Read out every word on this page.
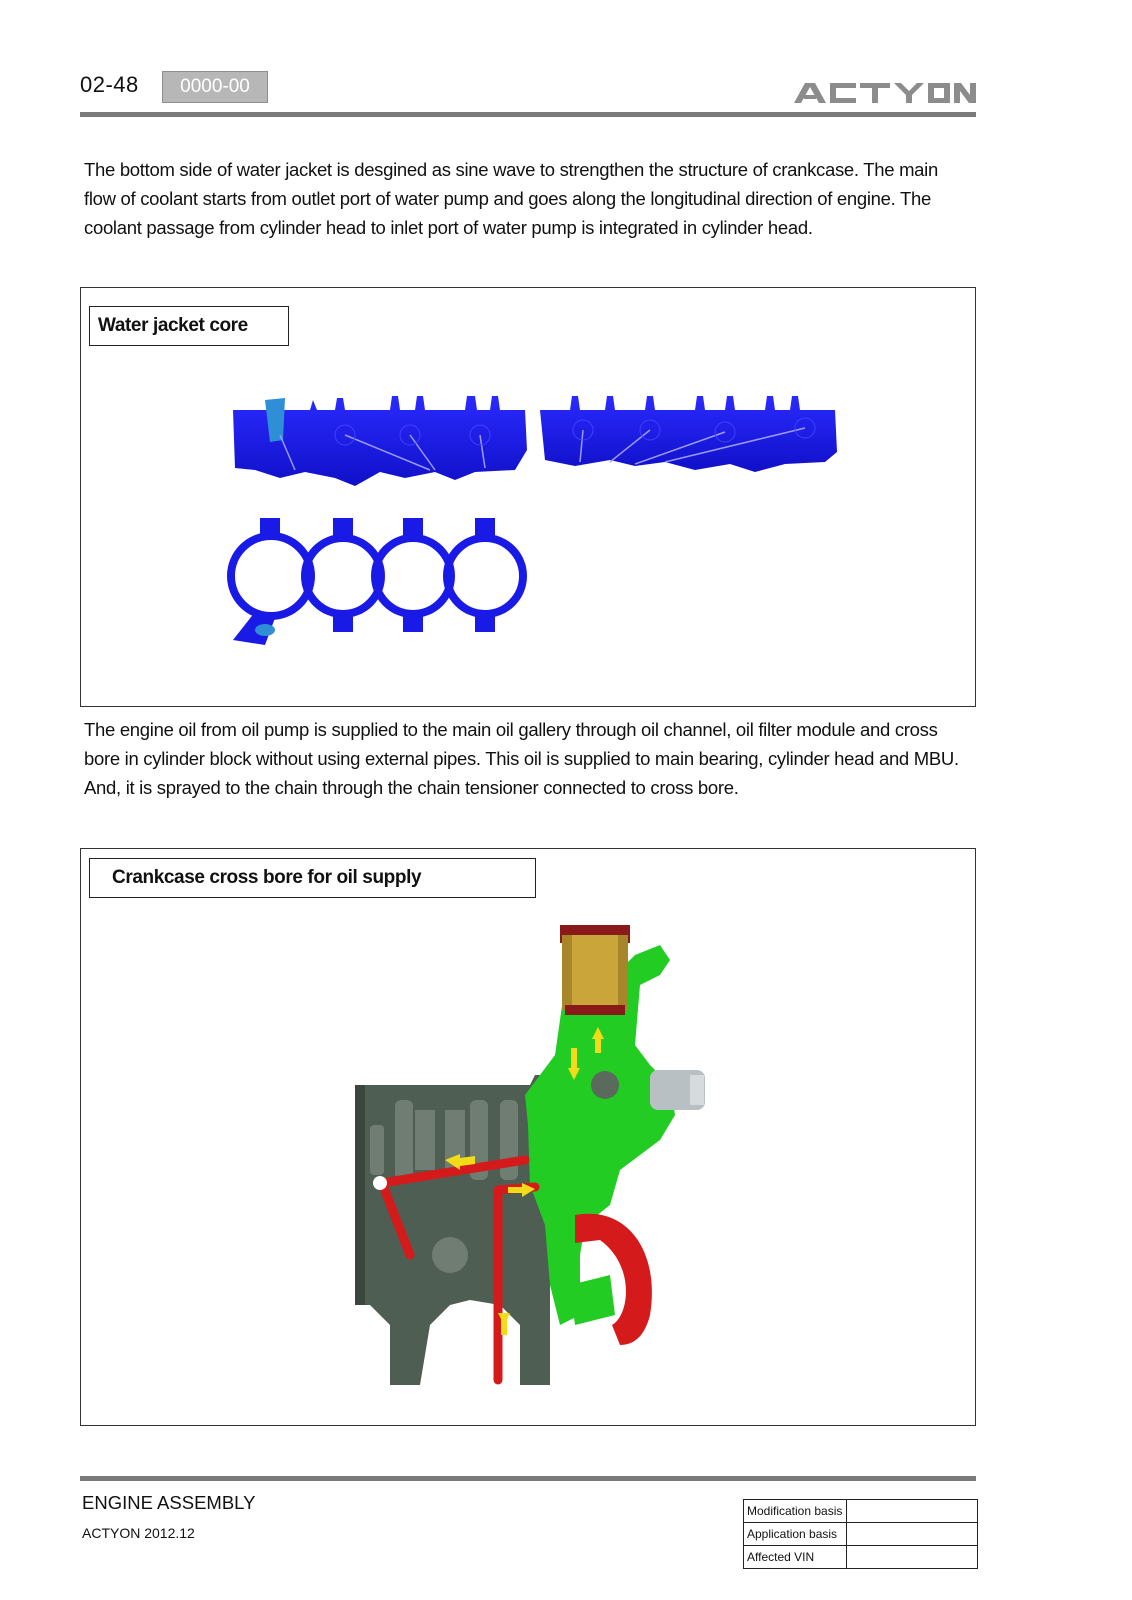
02-48	0000-00
The bottom side of water jacket is desgined as sine wave to strengthen the structure of crankcase. The main flow of coolant starts from outlet port of water pump and goes along the longitudinal direction of engine. The coolant passage from cylinder head to inlet port of water pump is integrated in cylinder head.
Water jacket core
The engine oil from oil pump is supplied to the main oil gallery through oil channel, oil filter module and cross bore in cylinder block without using external pipes. This oil is supplied to main bearing, cylinder head and MBU. And, it is sprayed to the chain through the chain tensioner connected to cross bore.
Crankcase cross bore for oil supply
ENGINE ASSEMBLY
ACTYON 2012.12
Modification basis	
Application basis	
Affected VIN	
